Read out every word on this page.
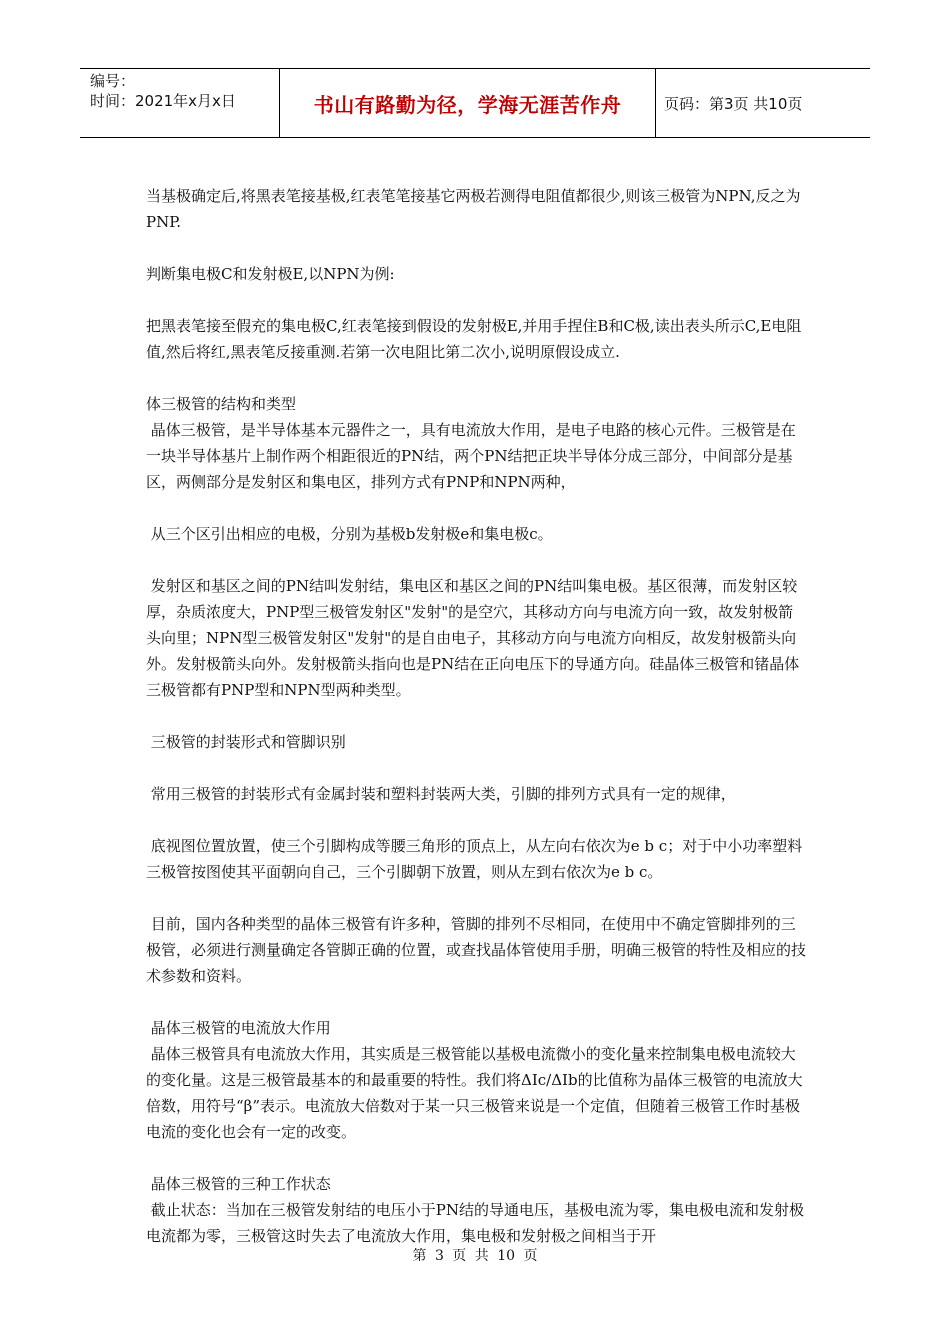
编号：
时间：2021年x月x日	书山有路勤为径，学海无涯苦作舟	页码：第3页 共10页

当基极确定后,将黑表笔接基极,红表笔笔接基它两极若测得电阻值都很少,则该三极管为NPN,反之为PNP.

判断集电极C和发射极E,以NPN为例:

把黑表笔接至假充的集电极C,红表笔接到假设的发射极E,并用手捏住B和C极,读出表头所示C,E电阻值,然后将红,黑表笔反接重测.若第一次电阻比第二次小,说明原假设成立.

体三极管的结构和类型

晶体三极管，是半导体基本元器件之一，具有电流放大作用，是电子电路的核心元件。三极管是在一块半导体基片上制作两个相距很近的PN结，两个PN结把正块半导体分成三部分，中间部分是基区，两侧部分是发射区和集电区，排列方式有PNP和NPN两种，

从三个区引出相应的电极，分别为基极b发射极e和集电极c。

发射区和基区之间的PN结叫发射结，集电区和基区之间的PN结叫集电极。基区很薄，而发射区较厚，杂质浓度大，PNP型三极管发射区"发射"的是空穴，其移动方向与电流方向一致，故发射极箭头向里；NPN型三极管发射区"发射"的是自由电子，其移动方向与电流方向相反，故发射极箭头向外。发射极箭头向外。发射极箭头指向也是PN结在正向电压下的导通方向。硅晶体三极管和锗晶体三极管都有PNP型和NPN型两种类型。

三极管的封装形式和管脚识别

常用三极管的封装形式有金属封装和塑料封装两大类，引脚的排列方式具有一定的规律，

底视图位置放置，使三个引脚构成等腰三角形的顶点上，从左向右依次为e b c；对于中小功率塑料三极管按图使其平面朝向自己，三个引脚朝下放置，则从左到右依次为e b c。

目前，国内各种类型的晶体三极管有许多种，管脚的排列不尽相同，在使用中不确定管脚排列的三极管，必须进行测量确定各管脚正确的位置，或查找晶体管使用手册，明确三极管的特性及相应的技术参数和资料。

晶体三极管的电流放大作用

晶体三极管具有电流放大作用，其实质是三极管能以基极电流微小的变化量来控制集电极电流较大的变化量。这是三极管最基本的和最重要的特性。我们将ΔIc/ΔIb的比值称为晶体三极管的电流放大倍数，用符号“β”表示。电流放大倍数对于某一只三极管来说是一个定值，但随着三极管工作时基极电流的变化也会有一定的改变。

晶体三极管的三种工作状态

截止状态：当加在三极管发射结的电压小于PN结的导通电压，基极电流为零，集电极电流和发射极电流都为零，三极管这时失去了电流放大作用，集电极和发射极之间相当于开

第 3 页 共 10 页
